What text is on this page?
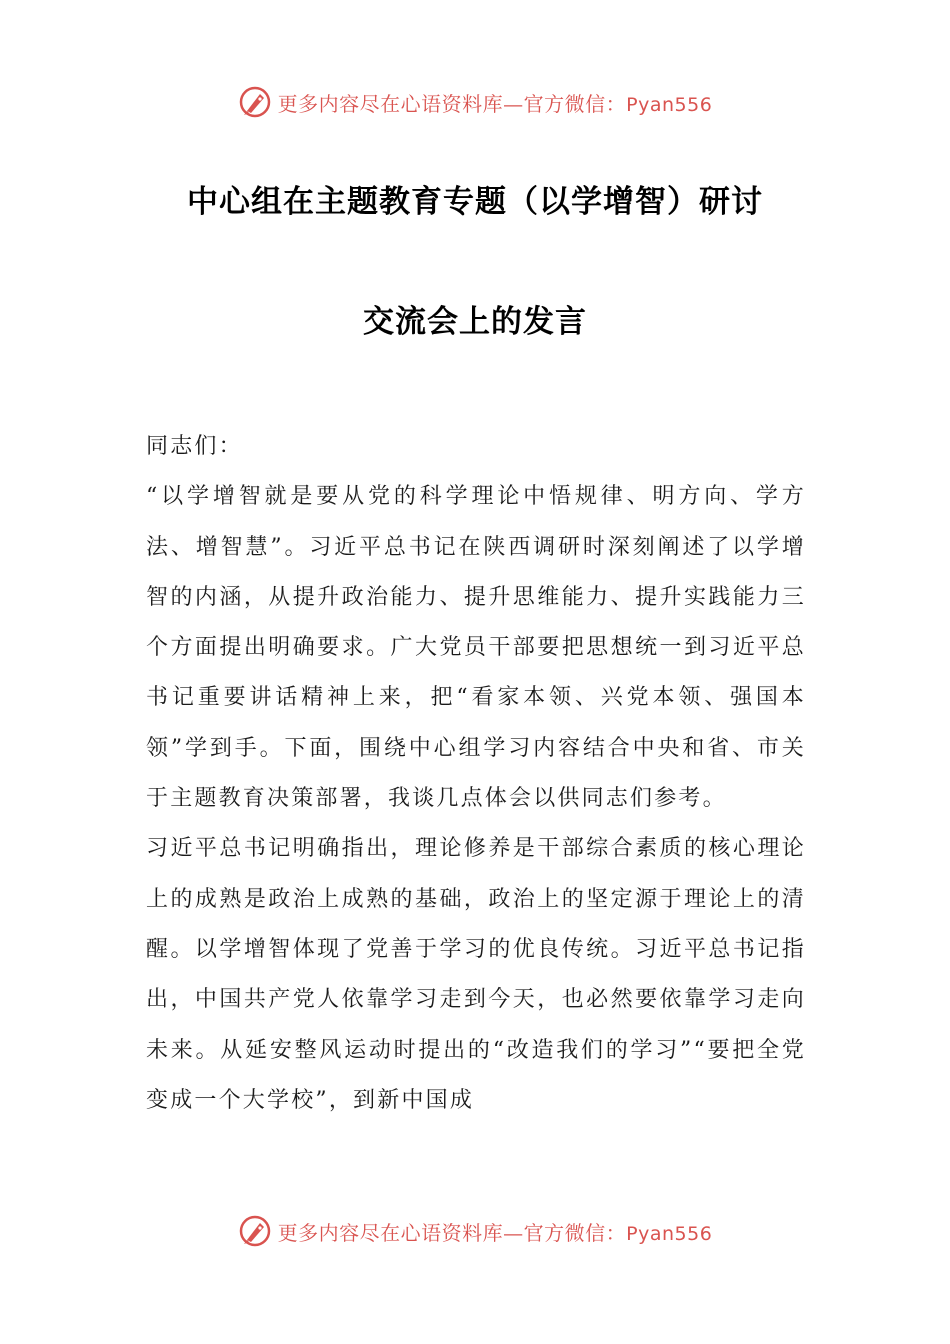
更多内容尽在心语资料库—官方微信：Pyan556
中心组在主题教育专题（以学增智）研讨
交流会上的发言

同志们：

“以学增智就是要从党的科学理论中悟规律、明方向、学方法、增智慧”。习近平总书记在陕西调研时深刻阐述了以学增智的内涵，从提升政治能力、提升思维能力、提升实践能力三个方面提出明确要求。广大党员干部要把思想统一到习近平总书记重要讲话精神上来，把“看家本领、兴党本领、强国本领”学到手。下面，围绕中心组学习内容结合中央和省、市关于主题教育决策部署，我谈几点体会以供同志们参考。

习近平总书记明确指出，理论修养是干部综合素质的核心理论上的成熟是政治上成熟的基础，政治上的坚定源于理论上的清醒。以学增智体现了党善于学习的优良传统。习近平总书记指出，中国共产党人依靠学习走到今天，也必然要依靠学习走向未来。从延安整风运动时提出的“改造我们的学习”“要把全党变成一个大学校”，到新中国成

更多内容尽在心语资料库—官方微信：Pyan556
